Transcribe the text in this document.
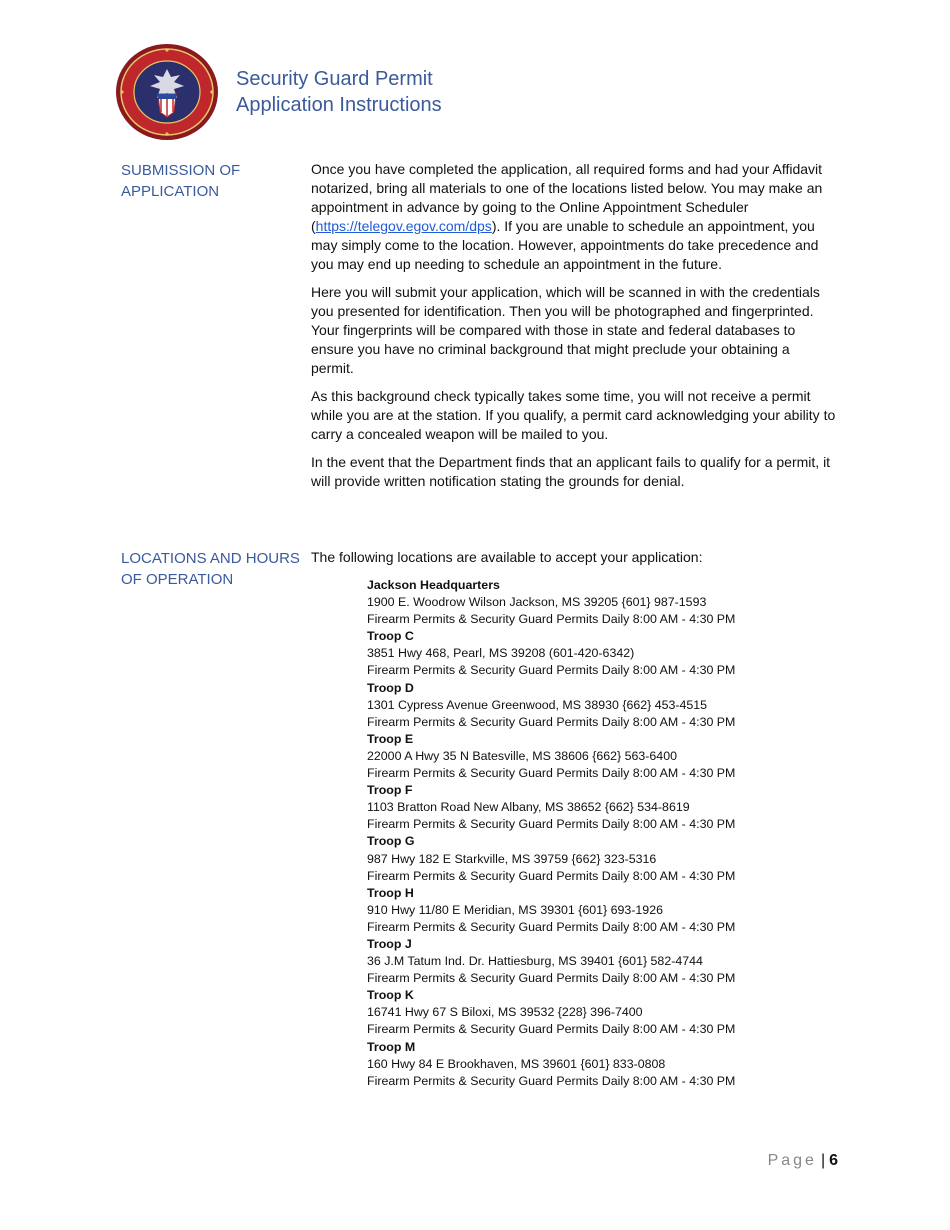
Security Guard Permit
Application Instructions
SUBMISSION OF APPLICATION

Once you have completed the application, all required forms and had your Affidavit notarized, bring all materials to one of the locations listed below. You may make an appointment in advance by going to the Online Appointment Scheduler (https://telegov.egov.com/dps). If you are unable to schedule an appointment, you may simply come to the location. However, appointments do take precedence and you may end up needing to schedule an appointment in the future.

Here you will submit your application, which will be scanned in with the credentials you presented for identification. Then you will be photographed and fingerprinted. Your fingerprints will be compared with those in state and federal databases to ensure you have no criminal background that might preclude your obtaining a permit.

As this background check typically takes some time, you will not receive a permit while you are at the station. If you qualify, a permit card acknowledging your ability to carry a concealed weapon will be mailed to you.

In the event that the Department finds that an applicant fails to qualify for a permit, it will provide written notification stating the grounds for denial.

LOCATIONS AND HOURS OF OPERATION
The following locations are available to accept your application:
Jackson Headquarters
1900 E. Woodrow Wilson Jackson, MS 39205 {601} 987-1593
Firearm Permits & Security Guard Permits Daily 8:00 AM - 4:30 PM
Troop C
3851 Hwy 468, Pearl, MS 39208 (601-420-6342)
Firearm Permits & Security Guard Permits Daily 8:00 AM - 4:30 PM
Troop D
1301 Cypress Avenue Greenwood, MS 38930 {662} 453-4515
Firearm Permits & Security Guard Permits Daily 8:00 AM - 4:30 PM
Troop E
22000 A Hwy 35 N Batesville, MS 38606 {662} 563-6400
Firearm Permits & Security Guard Permits Daily 8:00 AM - 4:30 PM
Troop F
1103 Bratton Road New Albany, MS 38652 {662} 534-8619
Firearm Permits & Security Guard Permits Daily 8:00 AM - 4:30 PM
Troop G
987 Hwy 182 E Starkville, MS 39759 {662} 323-5316
Firearm Permits & Security Guard Permits Daily 8:00 AM - 4:30 PM
Troop H
910 Hwy 11/80 E Meridian, MS 39301 {601} 693-1926
Firearm Permits & Security Guard Permits Daily 8:00 AM - 4:30 PM
Troop J
36 J.M Tatum Ind. Dr. Hattiesburg, MS 39401 {601} 582-4744
Firearm Permits & Security Guard Permits Daily 8:00 AM - 4:30 PM
Troop K
16741 Hwy 67 S Biloxi, MS 39532 {228} 396-7400
Firearm Permits & Security Guard Permits Daily 8:00 AM - 4:30 PM
Troop M
160 Hwy 84 E Brookhaven, MS 39601 {601} 833-0808
Firearm Permits & Security Guard Permits Daily 8:00 AM - 4:30 PM
Page | 6
